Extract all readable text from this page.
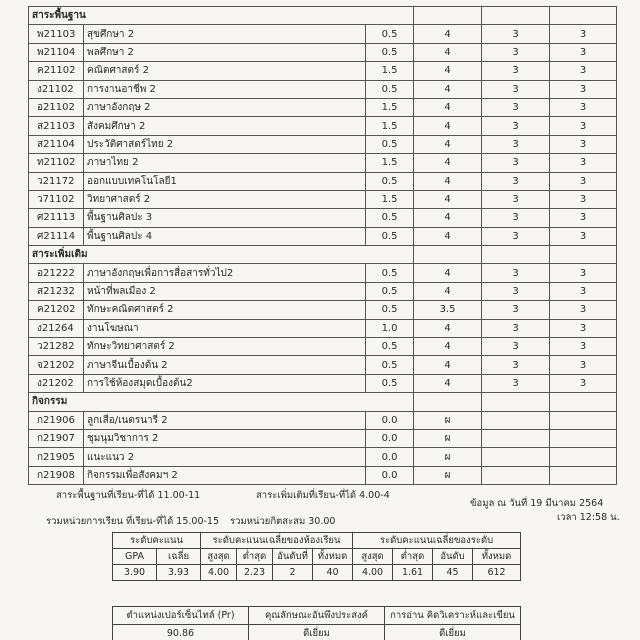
สาระพื้นฐาน					
พ21103	สุขศึกษา 2	0.5	4	3	3
พ21104	พลศึกษา 2	0.5	4	3	3
ค21102	คณิตศาสตร์ 2	1.5	4	3	3
ง21102	การงานอาชีพ 2	0.5	4	3	3
อ21102	ภาษาอังกฤษ 2	1.5	4	3	3
ส21103	สังคมศึกษา 2	1.5	4	3	3
ส21104	ประวัติศาสตร์ไทย 2	0.5	4	3	3
ท21102	ภาษาไทย 2	1.5	4	3	3
ว21172	ออกแบบเทคโนโลยี1	0.5	4	3	3
ว71102	วิทยาศาสตร์ 2	1.5	4	3	3
ศ21113	พื้นฐานศิลปะ 3	0.5	4	3	3
ศ21114	พื้นฐานศิลปะ 4	0.5	4	3	3
สาระเพิ่มเติม					
อ21222	ภาษาอังกฤษเพื่อการสื่อสารทั่วไป2	0.5	4	3	3
ส21232	หน้าที่พลเมือง 2	0.5	4	3	3
ค21202	ทักษะคณิตศาสตร์ 2	0.5	3.5	3	3
ง21264	งานโฆษณา	1.0	4	3	3
ว21282	ทักษะวิทยาศาสตร์ 2	0.5	4	3	3
จ21202	ภาษาจีนเบื้องต้น 2	0.5	4	3	3
ง21202	การใช้ห้องสมุดเบื้องต้น2	0.5	4	3	3
กิจกรรม					
ก21906	ลูกเสือ/เนตรนารี 2	0.0	ผ		
ก21907	ชุมนุมวิชาการ 2	0.0	ผ		
ก21905	แนะแนว 2	0.0	ผ		
ก21908	กิจกรรมเพื่อสังคมฯ 2	0.0	ผ		
สาระพื้นฐานที่เรียน-ที่ได้ 11.00-11	สาระเพิ่มเติมที่เรียน-ที่ได้ 4.00-4
ข้อมูล ณ วันที่ 19 มีนาคม 2564
รวมหน่วยการเรียน ที่เรียน-ที่ได้ 15.00-15 รวมหน่วยกิตสะสม 30.00	เวลา 12:58 น.
ระดับคะแนน		ระดับคะแนนเฉลี่ยของห้องเรียน				ระดับคะแนนเฉลี่ยของระดับ			
GPA	เฉลี่ย	สูงสุด	ต่ำสุด	อันดับที่	ทั้งหมด	สูงสุด	ต่ำสุด	อันดับ	ทั้งหมด
3.90	3.93	4.00	2.23	2	40	4.00	1.61	45	612
ตำแหน่งเปอร์เซ็นไทล์ (Pr)	คุณลักษณะอันพึงประสงค์	การอ่าน คิดวิเคราะห์และเขียน
90.86	ดีเยี่ยม	ดีเยี่ยม
